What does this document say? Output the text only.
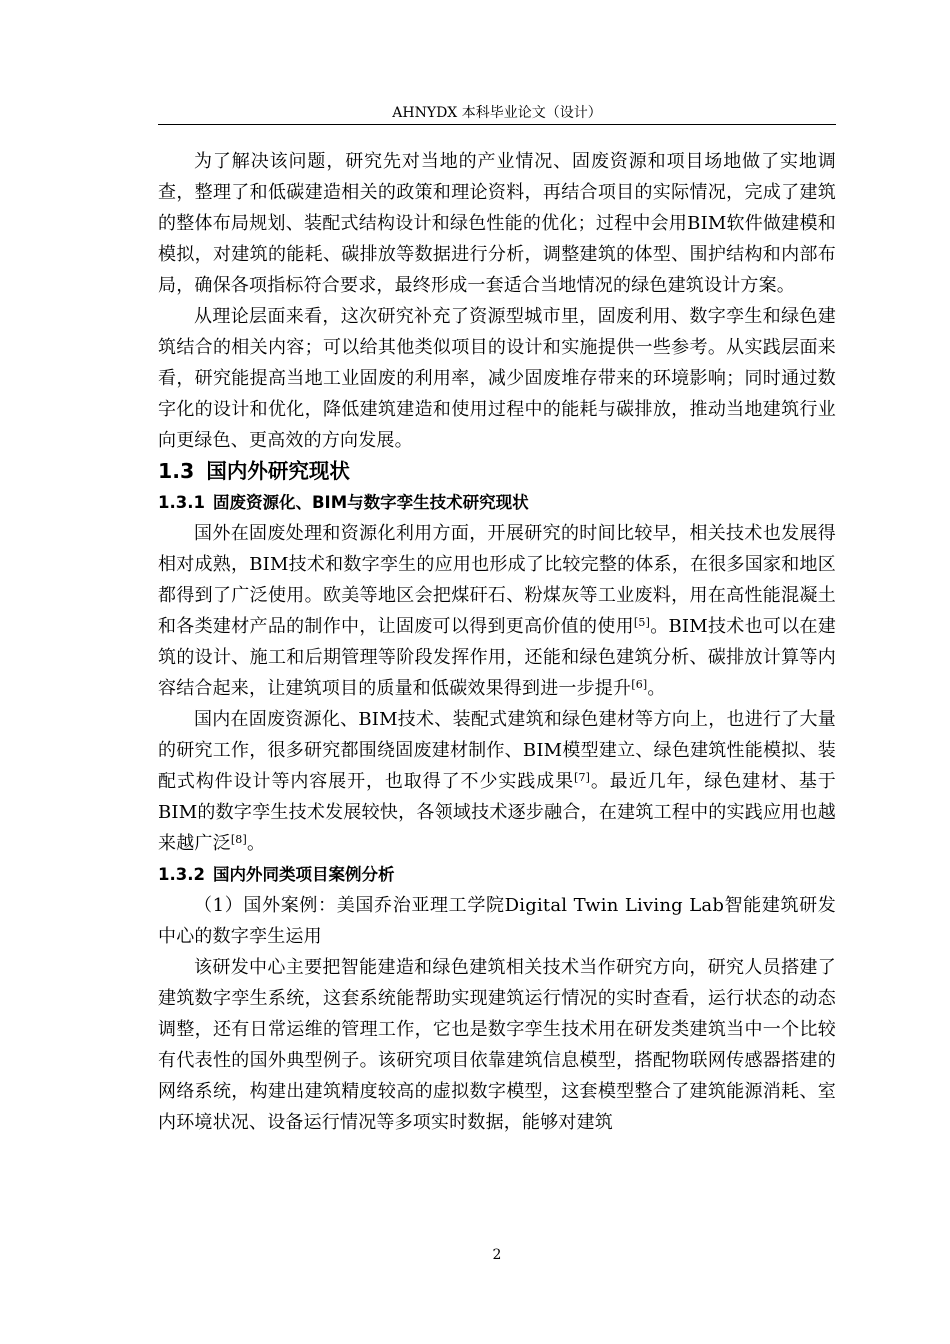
AHNYDX 本科毕业论文（设计）

为了解决该问题，研究先对当地的产业情况、固废资源和项目场地做了实地调查，整理了和低碳建造相关的政策和理论资料，再结合项目的实际情况，完成了建筑的整体布局规划、装配式结构设计和绿色性能的优化；过程中会用BIM软件做建模和模拟，对建筑的能耗、碳排放等数据进行分析，调整建筑的体型、围护结构和内部布局，确保各项指标符合要求，最终形成一套适合当地情况的绿色建筑设计方案。

从理论层面来看，这次研究补充了资源型城市里，固废利用、数字孪生和绿色建筑结合的相关内容；可以给其他类似项目的设计和实施提供一些参考。从实践层面来看，研究能提高当地工业固废的利用率，减少固废堆存带来的环境影响；同时通过数字化的设计和优化，降低建筑建造和使用过程中的能耗与碳排放，推动当地建筑行业向更绿色、更高效的方向发展。

1.3 国内外研究现状
1.3.1 固废资源化、BIM与数字孪生技术研究现状

国外在固废处理和资源化利用方面，开展研究的时间比较早，相关技术也发展得相对成熟，BIM技术和数字孪生的应用也形成了比较完整的体系，在很多国家和地区都得到了广泛使用。欧美等地区会把煤矸石、粉煤灰等工业废料，用在高性能混凝土和各类建材产品的制作中，让固废可以得到更高价值的使用[5]。BIM技术也可以在建筑的设计、施工和后期管理等阶段发挥作用，还能和绿色建筑分析、碳排放计算等内容结合起来，让建筑项目的质量和低碳效果得到进一步提升[6]。

国内在固废资源化、BIM技术、装配式建筑和绿色建材等方向上，也进行了大量的研究工作，很多研究都围绕固废建材制作、BIM模型建立、绿色建筑性能模拟、装配式构件设计等内容展开，也取得了不少实践成果[7]。最近几年，绿色建材、基于BIM的数字孪生技术发展较快，各领域技术逐步融合，在建筑工程中的实践应用也越来越广泛[8]。

1.3.2 国内外同类项目案例分析

（1）国外案例：美国乔治亚理工学院Digital Twin Living Lab智能建筑研发中心的数字孪生运用

该研发中心主要把智能建造和绿色建筑相关技术当作研究方向，研究人员搭建了建筑数字孪生系统，这套系统能帮助实现建筑运行情况的实时查看，运行状态的动态调整，还有日常运维的管理工作，它也是数字孪生技术用在研发类建筑当中一个比较有代表性的国外典型例子。该研究项目依靠建筑信息模型，搭配物联网传感器搭建的网络系统，构建出建筑精度较高的虚拟数字模型，这套模型整合了建筑能源消耗、室内环境状况、设备运行情况等多项实时数据，能够对建筑

2
